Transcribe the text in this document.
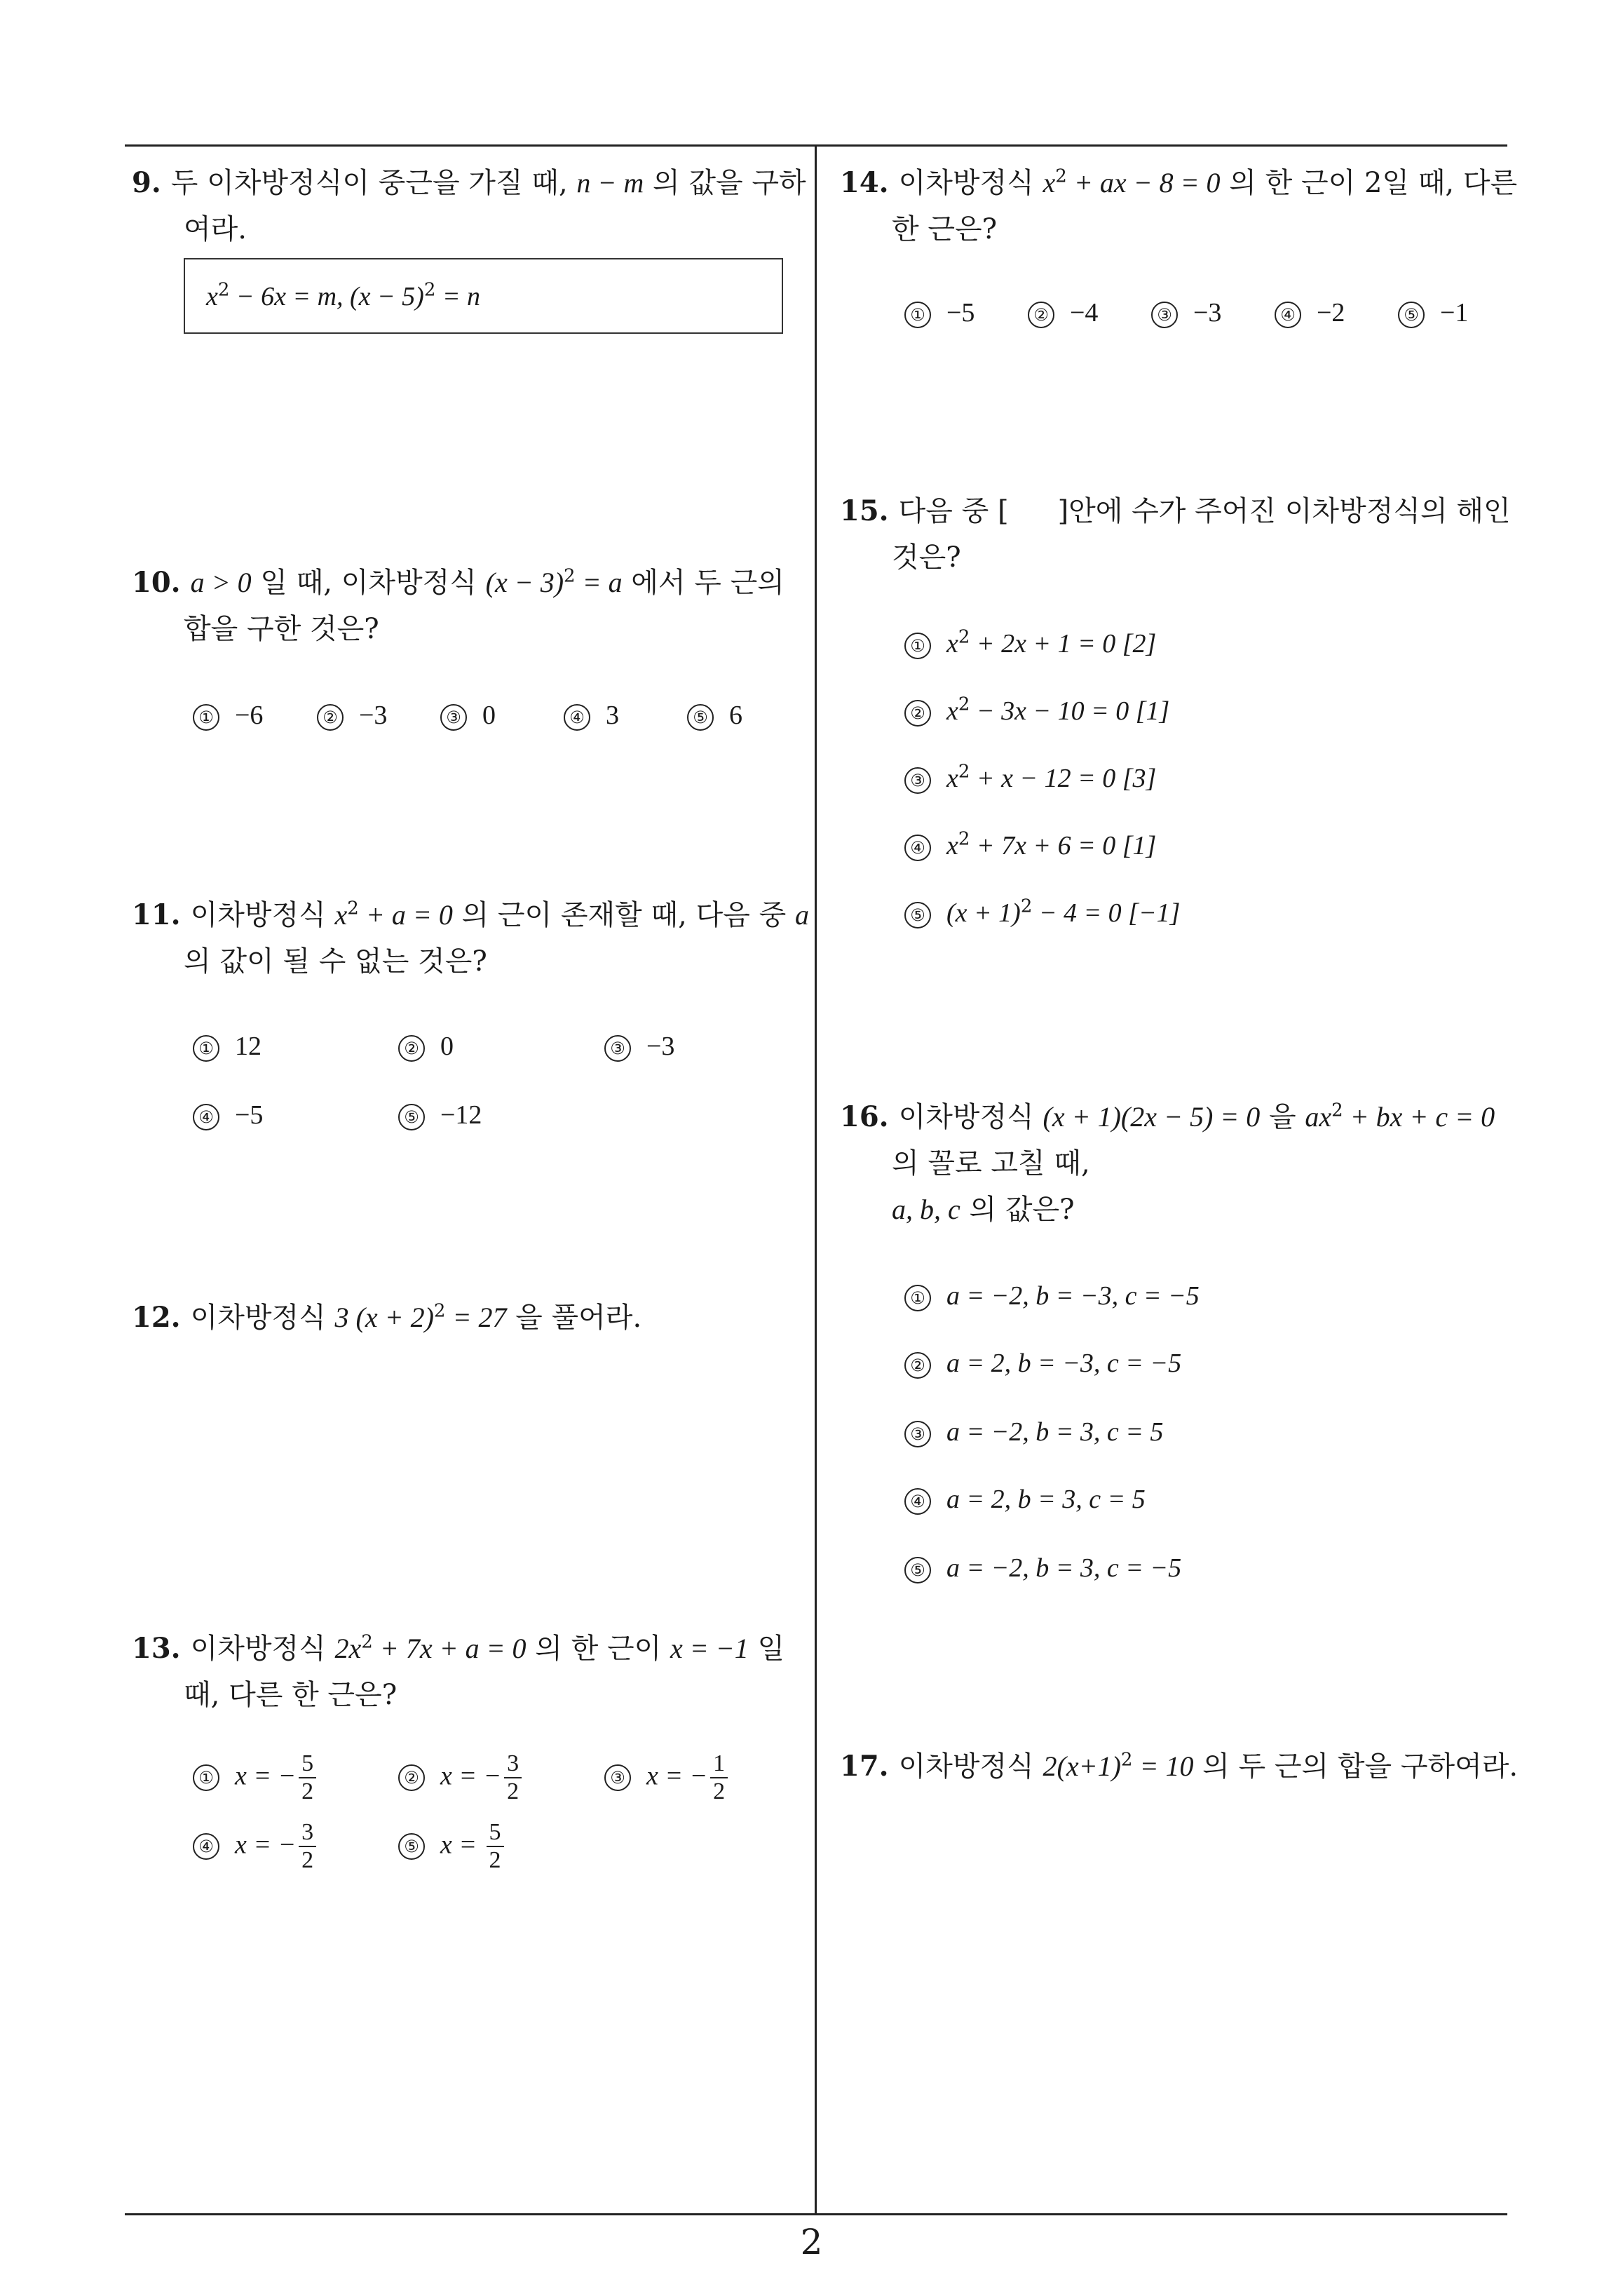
9. 두 이차방정식이 중근을 가질 때, n − m 의 값을 구하
여라.
$x^2 - 6x = m$, $(x - 5)^2 = n$
10. a > 0 일 때, 이차방정식 $(x - 3)^2 = a$ 에서 두 근의
합을 구한 것은?
① −6	② −3	③ 0	④ 3	⑤ 6
11. 이차방정식 $x^2 + a = 0$ 의 근이 존재할 때, 다음 중 a
의 값이 될 수 없는 것은?
① 12	② 0	③ −3
④ −5	⑤ −12
12. 이차방정식 3 $(x + 2)^2 = 27$ 을 풀어라.
13. 이차방정식 $2x^2 + 7x + a = 0$ 의 한 근이 x = −1 일
때, 다른 한 근은?
① x = − $\frac{5}{2}$	② x = − $\frac{3}{2}$	③ x = − $\frac{1}{2}$
④ x = − $\frac{3}{2}$	⑤ $x = \frac{5}{2}$
14. 이차방정식 $x^2$ + ax − 8 = 0 의 한 근이 2일 때, 다른
한 근은?
① −5	② −4	③ −3	④ −2	⑤ −1
15. 다음 중 [ ]안에 수가 주어진 이차방정식의 해인
것은?
① $x^2 + 2x + 1 = 0$ [2]
② $x^2 - 3x - 10 = 0$ [1]
③ $x^2 + x - 12 = 0$ [3]
④ $x^2 + 7x + 6 = 0$ [1]
⑤ $(x + 1)^2 - 4 = 0$ [−1]
16. 이차방정식 (x + 1)(2x − 5) = 0 을 $ax^2$ + bx + c = 0
의 꼴로 고칠 때,
a, b, c 의 값은?
① a = −2, b = −3, c = −5
② a = 2, b = −3, c = −5
③ a = −2, b = 3, c = 5
④ a = 2, b = 3, c = 5
⑤ a = −2, b = 3, c = −5
17. 이차방정식 $2(x+1)^2 = 10$ 의 두 근의 합을 구하여라.
2
